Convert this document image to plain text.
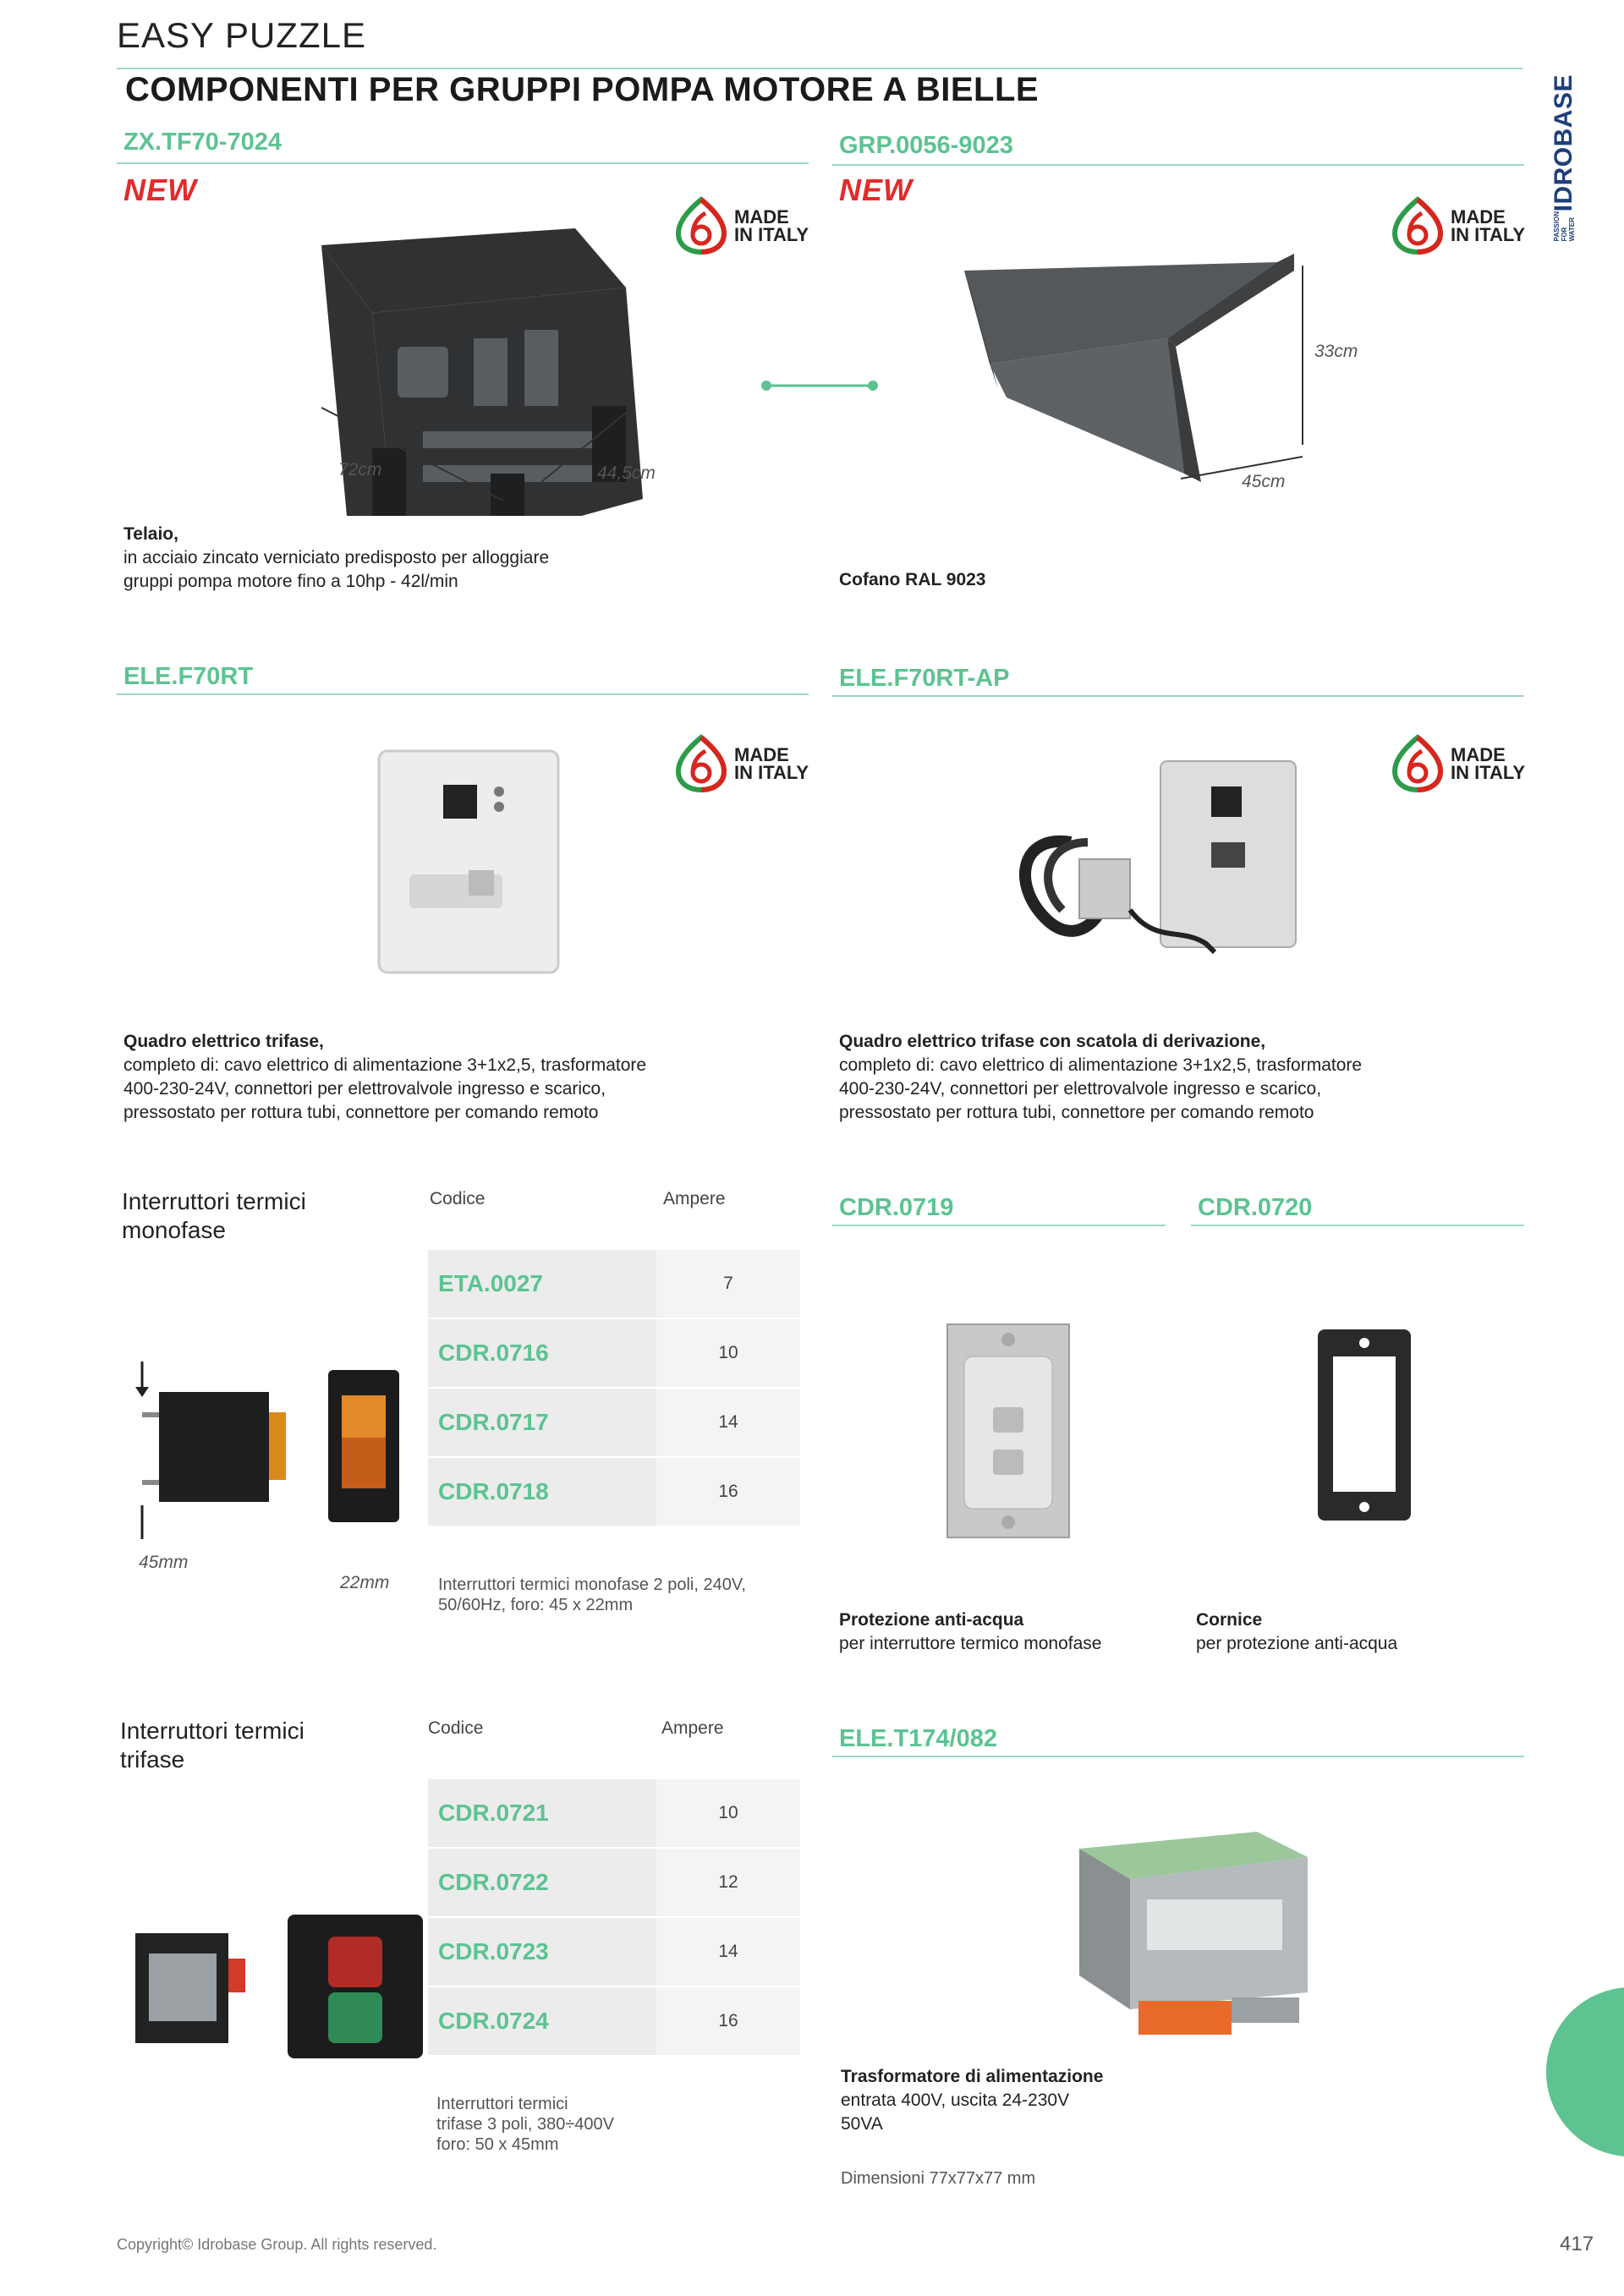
EASY PUZZLE
COMPONENTI PER GRUPPI POMPA MOTORE A BIELLE	IDROBASE
PASSION FOR WATER
ZX.TF70-7024
NEW
MADE
IN ITALY
72cm	44,5cm
Telaio,
in acciaio zincato verniciato predisposto per alloggiare
gruppi pompa motore fino a 10hp - 42l/min
GRP.0056-9023
NEW
MADE
IN ITALY
33cm
45cm
Cofano RAL 9023
ELE.F70RT
MADE
IN ITALY
Quadro elettrico trifase,
completo di: cavo elettrico di alimentazione 3+1x2,5, trasformatore
400-230-24V, connettori per elettrovalvole ingresso e scarico,
pressostato per rottura tubi, connettore per comando remoto
ELE.F70RT-AP
MADE
IN ITALY
Quadro elettrico trifase con scatola di derivazione,
completo di: cavo elettrico di alimentazione 3+1x2,5, trasformatore
400-230-24V, connettori per elettrovalvole ingresso e scarico,
pressostato per rottura tubi, connettore per comando remoto
Interruttori termici
monofase
Codice	Ampere
ETA.0027	7
CDR.0716	10
CDR.0717	14
CDR.0718	16
45mm
22mm	Interruttori termici monofase 2 poli, 240V,
50/60Hz, foro: 45 x 22mm
CDR.0719	CDR.0720
Protezione anti-acqua
per interruttore termico monofase
Cornice
per protezione anti-acqua
Interruttori termici
trifase
Codice	Ampere
CDR.0721	10
CDR.0722	12
CDR.0723	14
CDR.0724	16
Interruttori termici
trifase 3 poli, 380÷400V
foro: 50 x 45mm
ELE.T174/082
Trasformatore di alimentazione
entrata 400V, uscita 24-230V
50VA
Dimensioni 77x77x77 mm
Copyright© Idrobase Group. All rights reserved.	417
